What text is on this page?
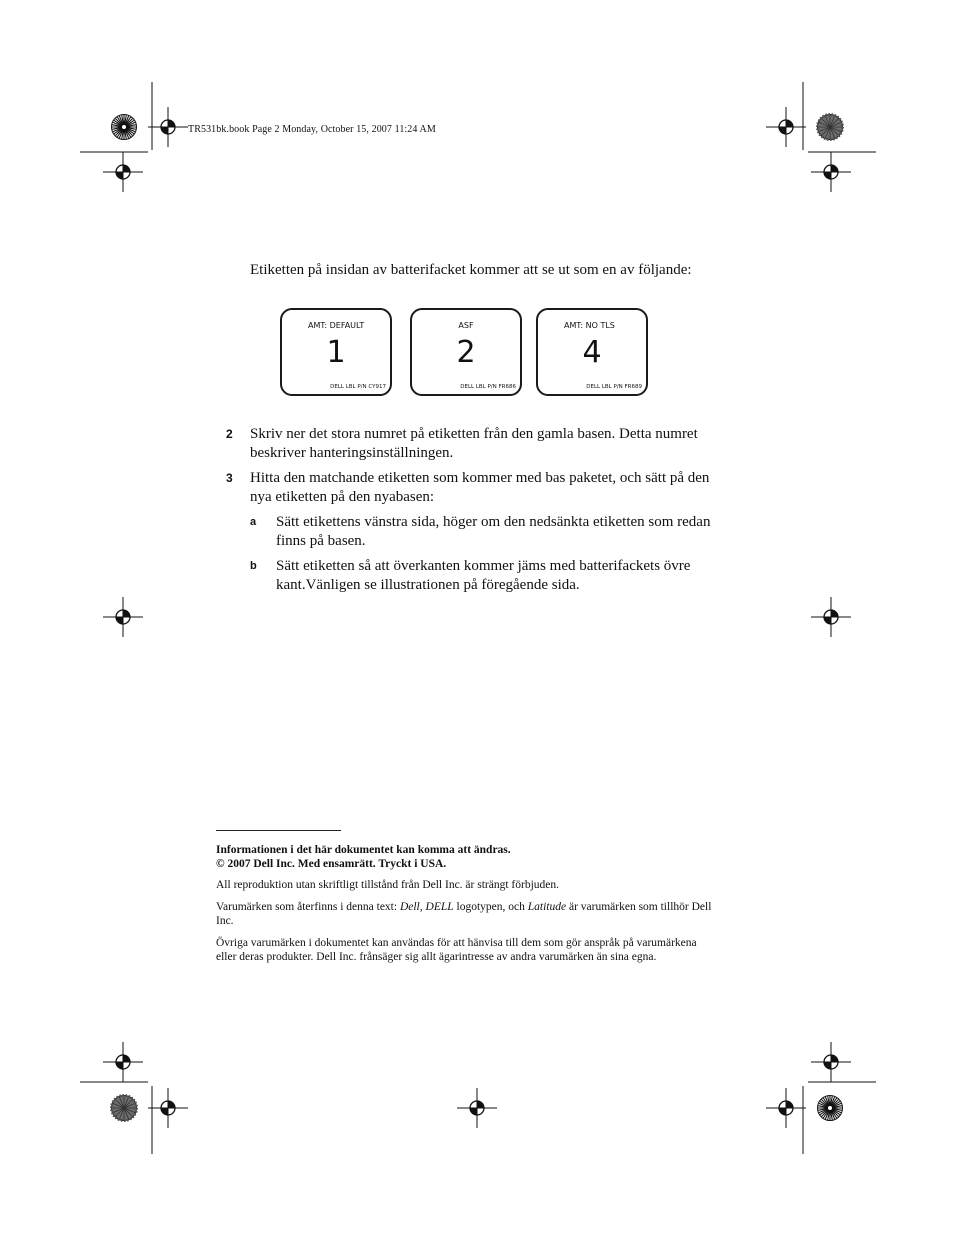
TR531bk.book Page 2 Monday, October 15, 2007 11:24 AM
Etiketten på insidan av batterifacket kommer att se ut som en av följande:
AMT: DEFAULT
1
DELL LBL P/N CY917
ASF
2
DELL LBL P/N FR686
AMT: NO TLS
4
DELL LBL P/N FR689
2 Skriv ner det stora numret på etiketten från den gamla basen. Detta numret beskriver hanteringsinställningen.
3 Hitta den matchande etiketten som kommer med bas paketet, och sätt på den nya etiketten på den nyabasen:
a Sätt etikettens vänstra sida, höger om den nedsänkta etiketten som redan finns på basen.
b Sätt etiketten så att överkanten kommer jäms med batterifackets övre kant.Vänligen se illustrationen på föregående sida.

Informationen i det här dokumentet kan komma att ändras.
© 2007 Dell Inc. Med ensamrätt. Tryckt i USA.

All reproduktion utan skriftligt tillstånd från Dell Inc. är strängt förbjuden.

Varumärken som återfinns i denna text: Dell, DELL logotypen, och Latitude är varumärken som tillhör Dell Inc.

Övriga varumärken i dokumentet kan användas för att hänvisa till dem som gör anspråk på varumärkena eller deras produkter. Dell Inc. frånsäger sig allt ägarintresse av andra varumärken än sina egna.
